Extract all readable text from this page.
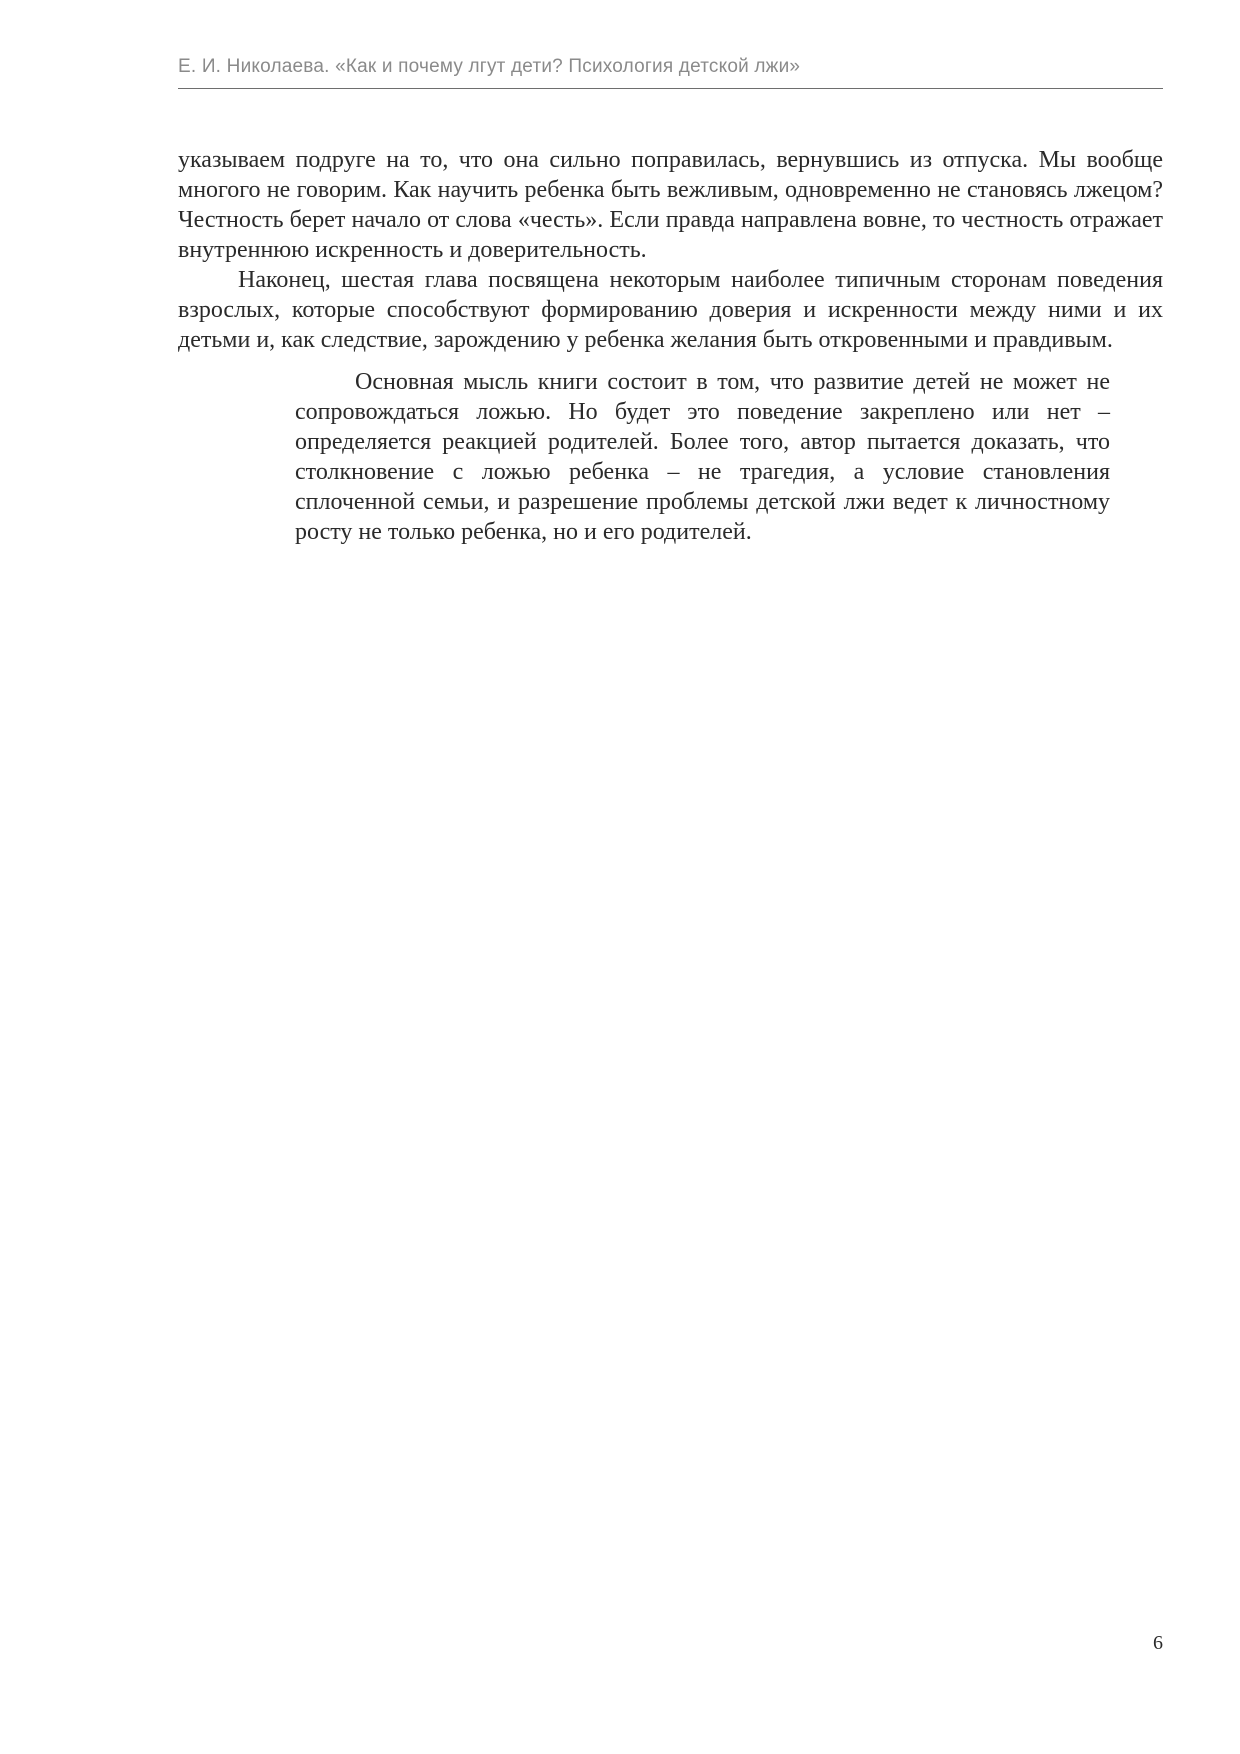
Е. И. Николаева. «Как и почему лгут дети? Психология детской лжи»

указываем подруге на то, что она сильно поправилась, вернувшись из отпуска. Мы вообще многого не говорим. Как научить ребенка быть вежливым, одновременно не становясь лжецом? Честность берет начало от слова «честь». Если правда направлена вовне, то честность отражает внутреннюю искренность и доверительность.

Наконец, шестая глава посвящена некоторым наиболее типичным сторонам поведения взрослых, которые способствуют формированию доверия и искренности между ними и их детьми и, как следствие, зарождению у ребенка желания быть откровенными и правдивым.

Основная мысль книги состоит в том, что развитие детей не может не сопровождаться ложью. Но будет это поведение закреплено или нет – определяется реакцией родителей. Более того, автор пытается доказать, что столкновение с ложью ребенка – не трагедия, а условие становления сплоченной семьи, и разрешение проблемы детской лжи ведет к личностному росту не только ребенка, но и его родителей.

6
